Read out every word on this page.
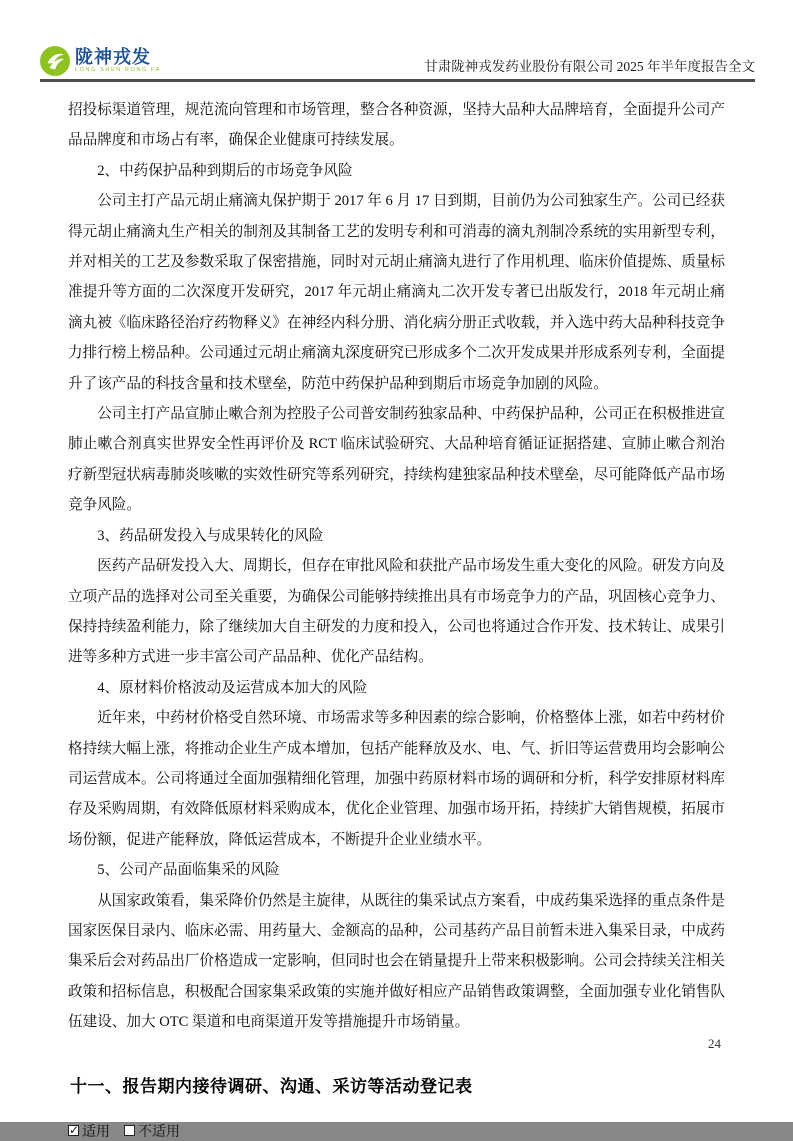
陇神戎发
LONG SHEN RONG FA	甘肃陇神戎发药业股份有限公司 2025 年半年度报告全文

招投标渠道管理，规范流向管理和市场管理，整合各种资源，坚持大品种大品牌培育，全面提升公司产品品牌度和市场占有率，确保企业健康可持续发展。

2、中药保护品种到期后的市场竞争风险

公司主打产品元胡止痛滴丸保护期于 2017 年 6 月 17 日到期，目前仍为公司独家生产。公司已经获得元胡止痛滴丸生产相关的制剂及其制备工艺的发明专利和可消毒的滴丸剂制冷系统的实用新型专利，并对相关的工艺及参数采取了保密措施，同时对元胡止痛滴丸进行了作用机理、临床价值提炼、质量标准提升等方面的二次深度开发研究，2017 年元胡止痛滴丸二次开发专著已出版发行，2018 年元胡止痛滴丸被《临床路径治疗药物释义》在神经内科分册、消化病分册正式收载，并入选中药大品种科技竞争力排行榜上榜品种。公司通过元胡止痛滴丸深度研究已形成多个二次开发成果并形成系列专利，全面提升了该产品的科技含量和技术壁垒，防范中药保护品种到期后市场竞争加剧的风险。

公司主打产品宣肺止嗽合剂为控股子公司普安制药独家品种、中药保护品种，公司正在积极推进宣肺止嗽合剂真实世界安全性再评价及 RCT 临床试验研究、大品种培育循证证据搭建、宣肺止嗽合剂治疗新型冠状病毒肺炎咳嗽的实效性研究等系列研究，持续构建独家品种技术壁垒，尽可能降低产品市场竞争风险。

3、药品研发投入与成果转化的风险

医药产品研发投入大、周期长，但存在审批风险和获批产品市场发生重大变化的风险。研发方向及立项产品的选择对公司至关重要，为确保公司能够持续推出具有市场竞争力的产品，巩固核心竞争力、保持持续盈利能力，除了继续加大自主研发的力度和投入，公司也将通过合作开发、技术转让、成果引进等多种方式进一步丰富公司产品品种、优化产品结构。

4、原材料价格波动及运营成本加大的风险

近年来，中药材价格受自然环境、市场需求等多种因素的综合影响，价格整体上涨，如若中药材价格持续大幅上涨，将推动企业生产成本增加，包括产能释放及水、电、气、折旧等运营费用均会影响公司运营成本。公司将通过全面加强精细化管理，加强中药原材料市场的调研和分析，科学安排原材料库存及采购周期，有效降低原材料采购成本，优化企业管理、加强市场开拓，持续扩大销售规模，拓展市场份额，促进产能释放，降低运营成本，不断提升企业业绩水平。

5、公司产品面临集采的风险

从国家政策看，集采降价仍然是主旋律，从既往的集采试点方案看，中成药集采选择的重点条件是国家医保目录内、临床必需、用药量大、金额高的品种，公司基药产品目前暂未进入集采目录，中成药集采后会对药品出厂价格造成一定影响，但同时也会在销量提升上带来积极影响。公司会持续关注相关政策和招标信息，积极配合国家集采政策的实施并做好相应产品销售政策调整，全面加强专业化销售队伍建设、加大 OTC 渠道和电商渠道开发等措施提升市场销量。

十一、报告期内接待调研、沟通、采访等活动登记表
✓
适用 不适用
24
